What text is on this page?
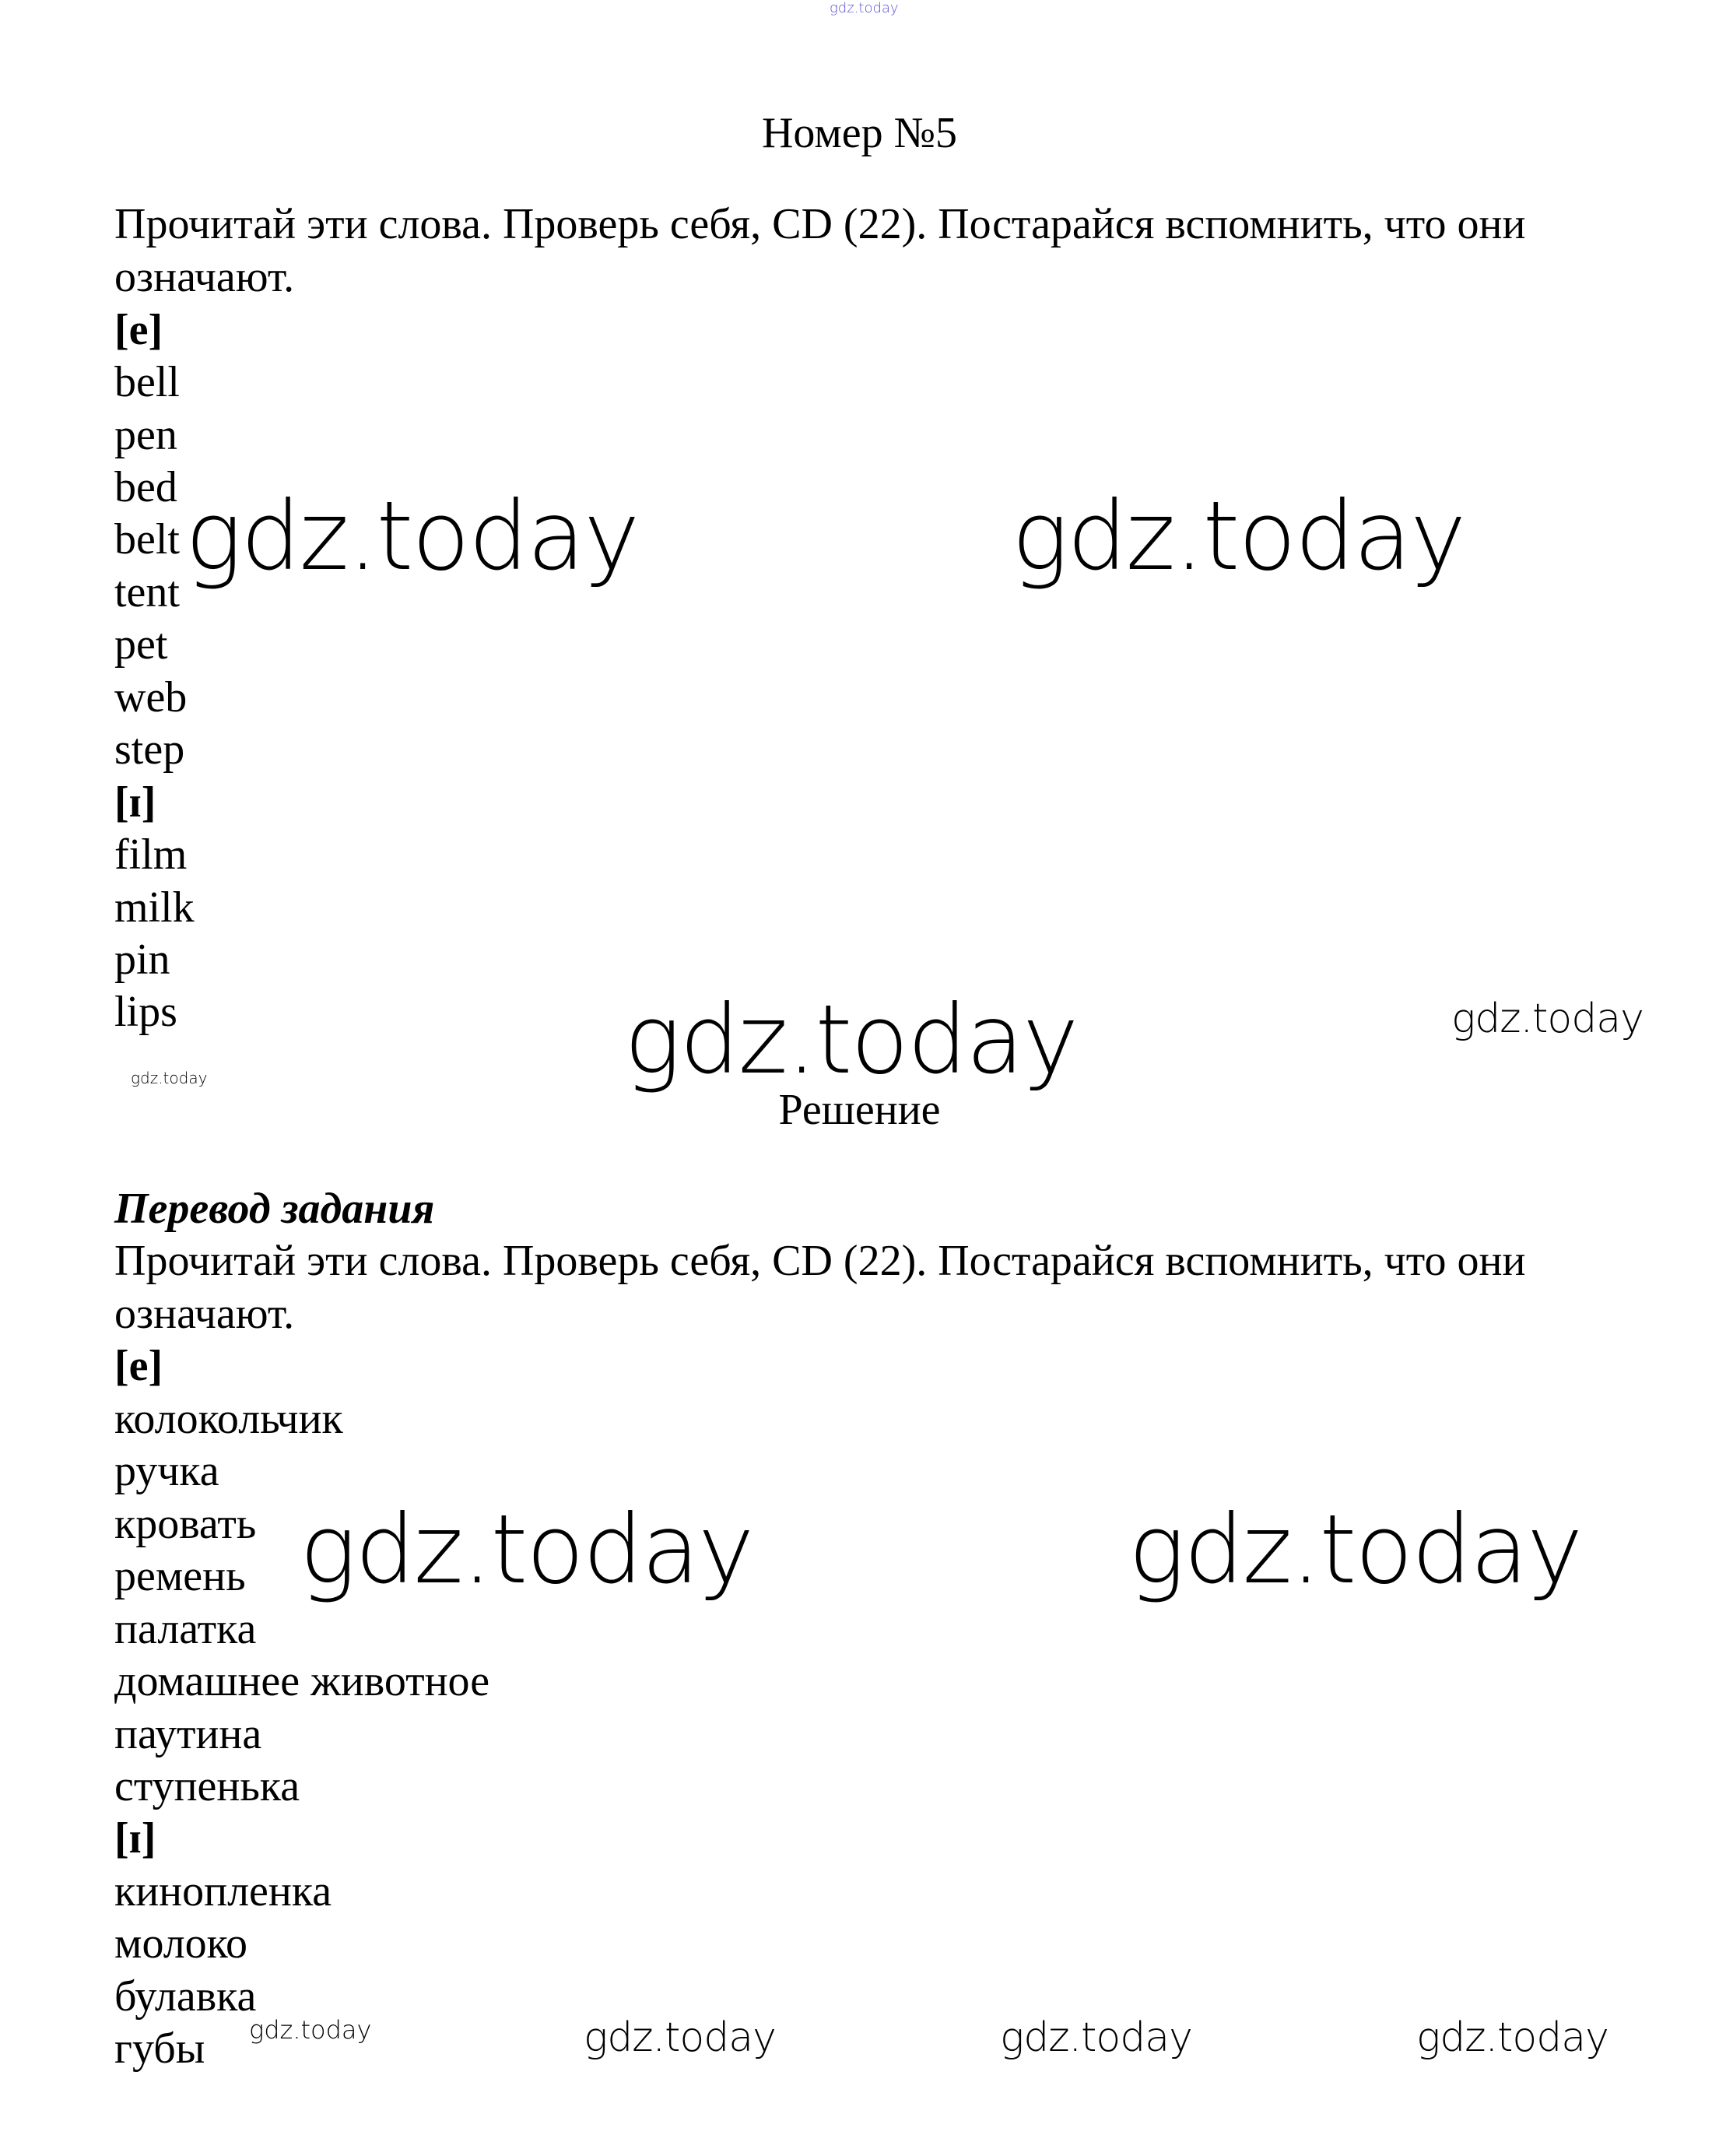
gdz.today
Номер №5
Прочитай эти слова. Проверь себя, CD (22). Постарайся вспомнить, что они
означают.
[e]
bell
pen
bed
belt
tent
pet
web
step
[ɪ]
film
milk
pin
lips
Решение
Перевод задания
Прочитай эти слова. Проверь себя, CD (22). Постарайся вспомнить, что они
означают.
[e]
колокольчик
ручка
кровать
ремень
палатка
домашнее животное
паутина
ступенька
[ɪ]
кинопленка
молоко
булавка
губы
gdz.today	gdz.today
gdz.today
gdz.today	gdz.today
gdz.today
gdz.today	gdz.today	gdz.today
gdz.today
gdz.today
